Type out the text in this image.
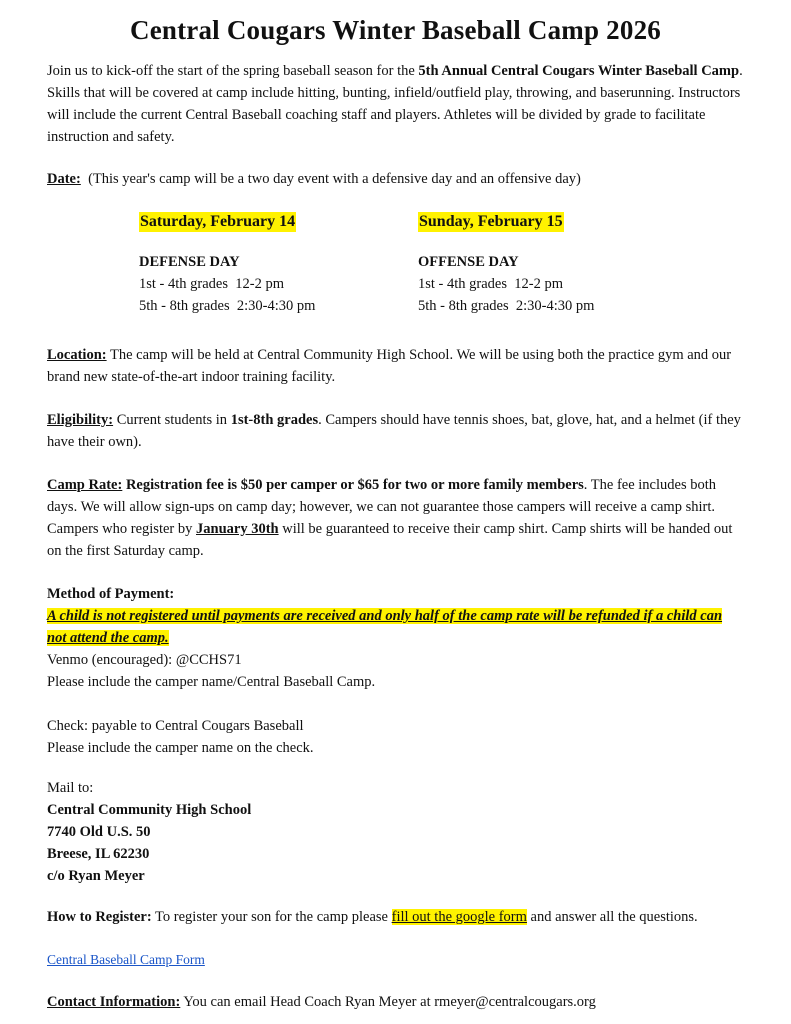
Central Cougars Winter Baseball Camp 2026

Join us to kick-off the start of the spring baseball season for the 5th Annual Central Cougars Winter Baseball Camp. Skills that will be covered at camp include hitting, bunting, infield/outfield play, throwing, and baserunning. Instructors will include the current Central Baseball coaching staff and players. Athletes will be divided by grade to facilitate instruction and safety.

Date: (This year's camp will be a two day event with a defensive day and an offensive day)

Saturday, February 14
DEFENSE DAY
1st - 4th grades  12-2 pm
5th - 8th grades  2:30-4:30 pm
Sunday, February 15
OFFENSE DAY
1st - 4th grades  12-2 pm
5th - 8th grades  2:30-4:30 pm

Location: The camp will be held at Central Community High School. We will be using both the practice gym and our brand new state-of-the-art indoor training facility.

Eligibility: Current students in 1st-8th grades. Campers should have tennis shoes, bat, glove, hat, and a helmet (if they have their own).

Camp Rate: Registration fee is $50 per camper or $65 for two or more family members. The fee includes both days. We will allow sign-ups on camp day; however, we can not guarantee those campers will receive a camp shirt. Campers who register by January 30th will be guaranteed to receive their camp shirt. Camp shirts will be handed out on the first Saturday camp.

Method of Payment:
A child is not registered until payments are received and only half of the camp rate will be refunded if a child can not attend the camp.
Venmo (encouraged): @CCHS71
Please include the camper name/Central Baseball Camp.
Check: payable to Central Cougars Baseball
Please include the camper name on the check.
Mail to:
Central Community High School
7740 Old U.S. 50
Breese, IL 62230
c/o Ryan Meyer

How to Register: To register your son for the camp please fill out the google form and answer all the questions.

Central Baseball Camp Form

Contact Information: You can email Head Coach Ryan Meyer at rmeyer@centralcougars.org
